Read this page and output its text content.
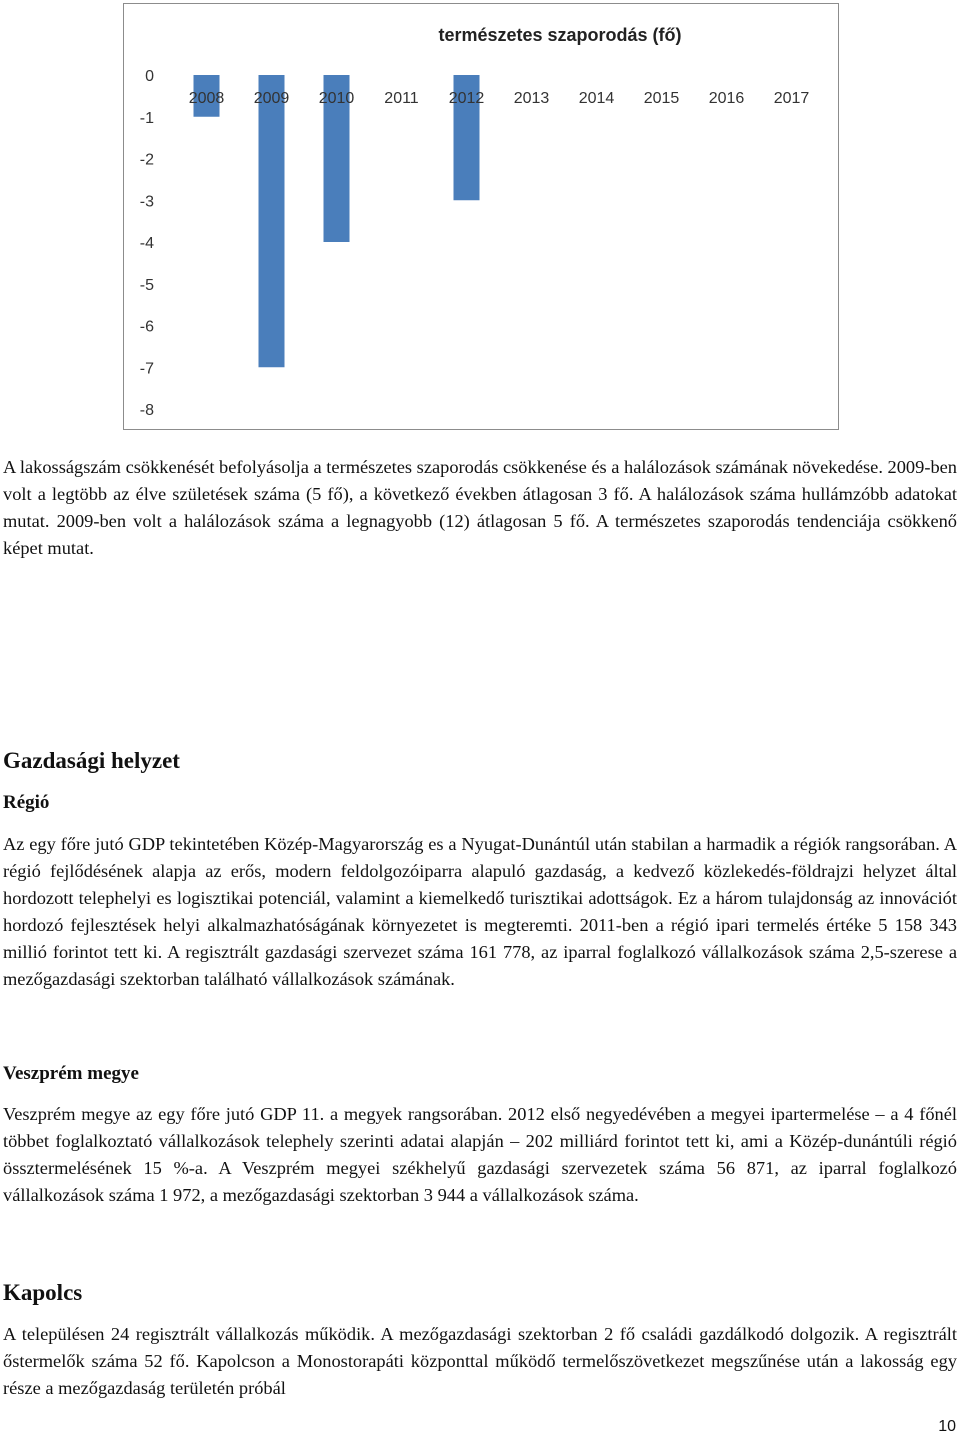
természetes szaporodás (fő)
0
-1
-2
-3
-4
-5
-6
-7
-8
2008 2009 2010 2011 2012 2013 2014 2015 2016 2017

A lakosságszám csökkenését befolyásolja a természetes szaporodás csökkenése és a halálozások számának növekedése. 2009-ben volt a legtöbb az élve születések száma (5 fő), a következő években átlagosan 3 fő. A halálozások száma hullámzóbb adatokat mutat. 2009-ben volt a halálozások száma a legnagyobb (12) átlagosan 5 fő. A természetes szaporodás tendenciája csökkenő képet mutat.

Gazdasági helyzet
Régió

Az egy főre jutó GDP tekintetében Közép-Magyarország es a Nyugat-Dunántúl után stabilan a harmadik a régiók rangsorában. A régió fejlődésének alapja az erős, modern feldolgozóiparra alapuló gazdaság, a kedvező közlekedés-földrajzi helyzet által hordozott telephelyi es logisztikai potenciál, valamint a kiemelkedő turisztikai adottságok. Ez a három tulajdonság az innovációt hordozó fejlesztések helyi alkalmazhatóságának környezetet is megteremti. 2011-ben a régió ipari termelés értéke 5 158 343 millió forintot tett ki. A regisztrált gazdasági szervezet száma 161 778, az iparral foglalkozó vállalkozások száma 2,5-szerese a mezőgazdasági szektorban található vállalkozások számának.

Veszprém megye

Veszprém megye az egy főre jutó GDP 11. a megyek rangsorában. 2012 első negyedévében a megyei ipartermelése – a 4 főnél többet foglalkoztató vállalkozások telephely szerinti adatai alapján – 202 milliárd forintot tett ki, ami a Közép-dunántúli régió össztermelésének 15 %-a. A Veszprém megyei székhelyű gazdasági szervezetek száma 56 871, az iparral foglalkozó vállalkozások száma 1 972, a mezőgazdasági szektorban 3 944 a vállalkozások száma.

Kapolcs

A településen 24 regisztrált vállalkozás működik. A mezőgazdasági szektorban 2 fő családi gazdálkodó dolgozik. A regisztrált őstermelők száma 52 fő. Kapolcson a Monostorapáti központtal működő termelőszövetkezet megszűnése után a lakosság egy része a mezőgazdaság területén próbál

10
